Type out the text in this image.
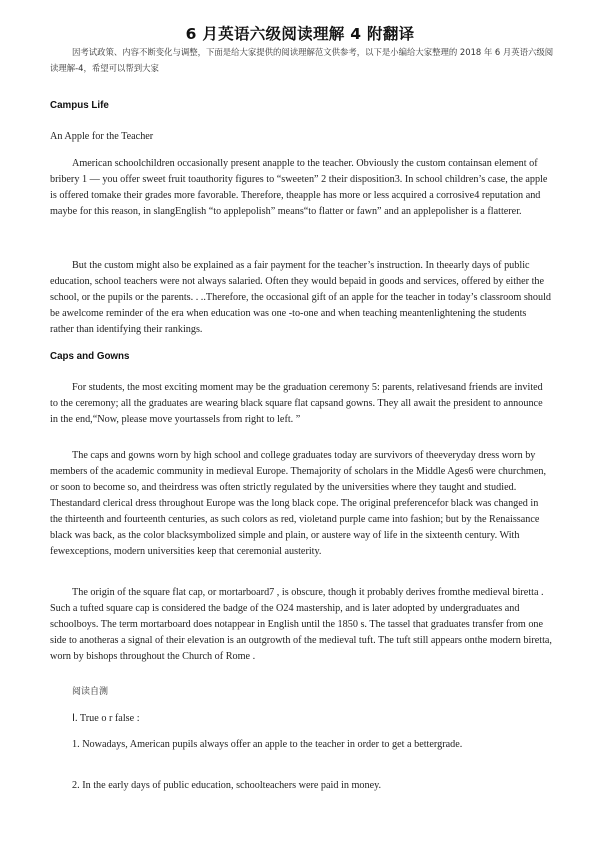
6 月英语六级阅读理解 4 附翻译
因考试政策、内容不断变化与调整，下面是给大家提供的阅读理解范文供参考，以下是小编给大家整理的 2018 年 6 月英语六级阅读理解-4，希望可以帮到大家
Campus Life
An Apple for the Teacher
American schoolchildren occasionally present anapple to the teacher. Obviously the custom containsan element of bribery 1 — you offer sweet fruit toauthority figures to “sweeten” 2 their disposition3. In school children’s case, the apple is offered tomake their grades more favorable. Therefore, theapple has more or less acquired a corrosive4 reputation and maybe for this reason, in slangEnglish “to applepolish” means“to flatter or fawn” and an applepolisher is a flatterer.
But the custom might also be explained as a fair payment for the teacher’s instruction. In theearly days of public education, school teachers were not always salaried. Often they would bepaid in goods and services, offered by either the school, or the pupils or the parents. . ..Therefore, the occasional gift of an apple for the teacher in today’s classroom should be awelcome reminder of the era when education was one -to-one and when teaching meantenlightening the students rather than identifying their rankings.
Caps and Gowns
For students, the most exciting moment may be the graduation ceremony 5: parents, relativesand friends are invited to the ceremony; all the graduates are wearing black square flat capsand gowns. They all await the president to announce in the end,“Now, please move yourtassels from right to left. ”
The caps and gowns worn by high school and college graduates today are survivors of theeveryday dress worn by members of the academic community in medieval Europe. Themajority of scholars in the Middle Ages6 were churchmen, or soon to become so, and theirdress was often strictly regulated by the universities where they taught and studied. Thestandard clerical dress throughout Europe was the long black cope. The original preferencefor black was changed in the thirteenth and fourteenth centuries, as such colors as red, violetand purple came into fashion; but by the Renaissance black was back, as the color blacksymbolized simple and plain, or austere way of life in the sixteenth century. With fewexceptions, modern universities keep that ceremonial austerity.
The origin of the square flat cap, or mortarboard7 , is obscure, though it probably derives fromthe medieval biretta . Such a tufted square cap is considered the badge of the O24 mastership, and is later adopted by undergraduates and schoolboys. The term mortarboard does notappear in English until the 1850 s. The tassel that graduates transfer from one side to anotheras a signal of their elevation is an outgrowth of the medieval tuft. The tuft still appears onthe modern biretta, worn by bishops throughout the Church of Rome .
阅读自测
Ⅰ. True o r false :
1. Nowadays, American pupils always offer an apple to the teacher in order to get a bettergrade.
2. In the early days of public education, schoolteachers were paid in money.
